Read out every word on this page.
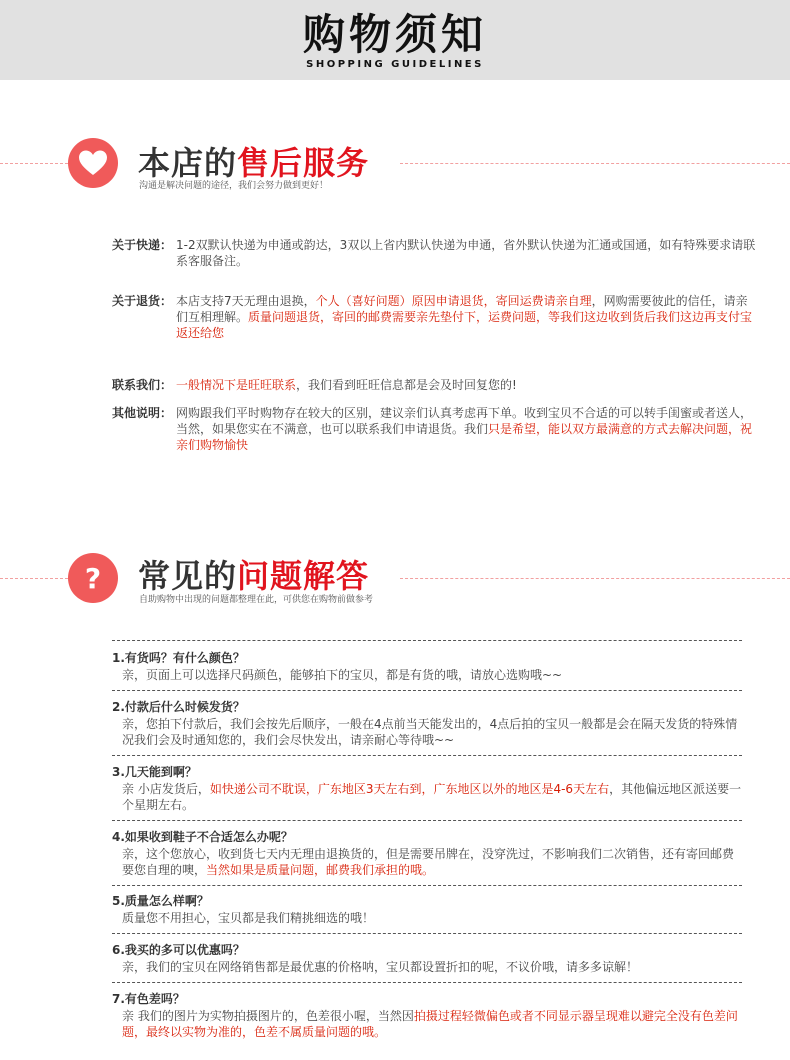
购物须知
SHOPPING GUIDELINES
本店的售后服务
沟通是解决问题的途径，我们会努力做到更好！
关于快递： 1-2双默认快递为申通或韵达，3双以上省内默认快递为申通，省外默认快递为汇通或国通，如有特殊要求请联系客服备注。
关于退货： 本店支持7天无理由退换，个人（喜好问题）原因申请退货，寄回运费请亲自理，网购需要彼此的信任，请亲们互相理解。质量问题退货，寄回的邮费需要亲先垫付下，运费问题，等我们这边收到货后我们这边再支付宝返还给您
联系我们： 一般情况下是旺旺联系，我们看到旺旺信息都是会及时回复您的!
其他说明： 网购跟我们平时购物存在较大的区别，建议亲们认真考虑再下单。收到宝贝不合适的可以转手闺蜜或者送人，当然，如果您实在不满意，也可以联系我们申请退货。我们只是希望，能以双方最满意的方式去解决问题，祝亲们购物愉快
?	常见的问题解答
自助购物中出现的问题都整理在此，可供您在购物前做参考
1.有货吗？有什么颜色？
亲，页面上可以选择尺码颜色，能够拍下的宝贝，都是有货的哦，请放心选购哦~~
2.付款后什么时候发货？
亲，您拍下付款后，我们会按先后顺序，一般在4点前当天能发出的，4点后拍的宝贝一般都是会在隔天发货的特殊情况我们会及时通知您的，我们会尽快发出，请亲耐心等待哦~~
3.几天能到啊？
亲 小店发货后，如快递公司不耽误，广东地区3天左右到，广东地区以外的地区是4-6天左右，其他偏远地区派送要一个星期左右。
4.如果收到鞋子不合适怎么办呢？
亲，这个您放心，收到货七天内无理由退换货的，但是需要吊牌在，没穿洗过，不影响我们二次销售，还有寄回邮费要您自理的噢，当然如果是质量问题，邮费我们承担的哦。
5.质量怎么样啊？
质量您不用担心，宝贝都是我们精挑细选的哦！
6.我买的多可以优惠吗？
亲，我们的宝贝在网络销售都是最优惠的价格呐，宝贝都设置折扣的呢，不议价哦，请多多谅解！
7.有色差吗？
亲 我们的图片为实物拍摄图片的，色差很小喔，当然因拍摄过程轻微偏色或者不同显示器呈现难以避完全没有色差问题，最终以实物为准的，色差不属质量问题的哦。
